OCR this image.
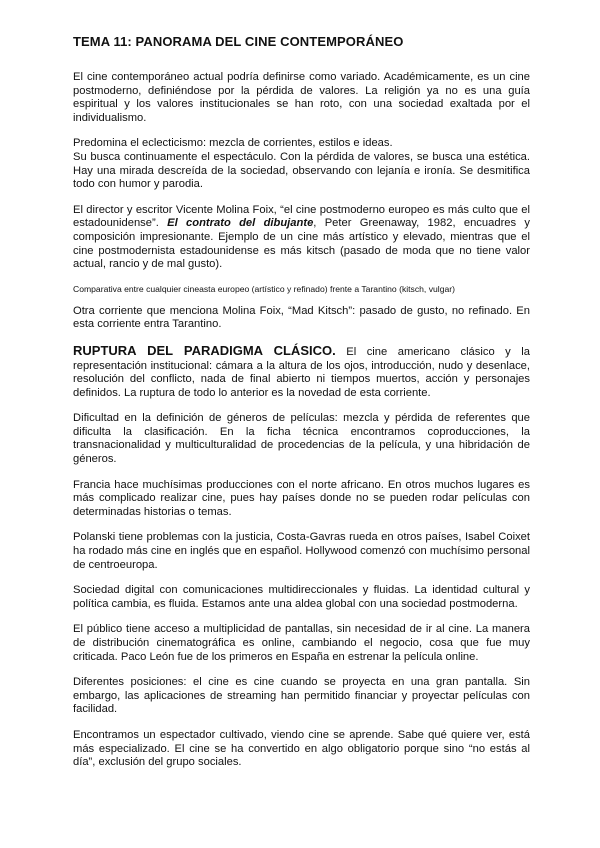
TEMA 11: PANORAMA DEL CINE CONTEMPORÁNEO

El cine contemporáneo actual podría definirse como variado. Académicamente, es un cine postmoderno, definiéndose por la pérdida de valores. La religión ya no es una guía espiritual y los valores institucionales se han roto, con una sociedad exaltada por el individualismo.

Predomina el eclecticismo: mezcla de corrientes, estilos e ideas.

Su busca continuamente el espectáculo. Con la pérdida de valores, se busca una estética. Hay una mirada descreída de la sociedad, observando con lejanía e ironía. Se desmitifica todo con humor y parodia.

El director y escritor Vicente Molina Foix, “el cine postmoderno europeo es más culto que el estadounidense”. El contrato del dibujante, Peter Greenaway, 1982, encuadres y composición impresionante. Ejemplo de un cine más artístico y elevado, mientras que el cine postmodernista estadounidense es más kitsch (pasado de moda que no tiene valor actual, rancio y de mal gusto).

Comparativa entre cualquier cineasta europeo (artístico y refinado) frente a Tarantino (kitsch, vulgar)

Otra corriente que menciona Molina Foix, “Mad Kitsch”: pasado de gusto, no refinado. En esta corriente entra Tarantino.

RUPTURA DEL PARADIGMA CLÁSICO. El cine americano clásico y la representación institucional: cámara a la altura de los ojos, introducción, nudo y desenlace, resolución del conflicto, nada de final abierto ni tiempos muertos, acción y personajes definidos. La ruptura de todo lo anterior es la novedad de esta corriente.

Dificultad en la definición de géneros de películas: mezcla y pérdida de referentes que dificulta la clasificación. En la ficha técnica encontramos coproducciones, la transnacionalidad y multiculturalidad de procedencias de la película, y una hibridación de géneros.

Francia hace muchísimas producciones con el norte africano. En otros muchos lugares es más complicado realizar cine, pues hay países donde no se pueden rodar películas con determinadas historias o temas.

Polanski tiene problemas con la justicia, Costa-Gavras rueda en otros países, Isabel Coixet ha rodado más cine en inglés que en español. Hollywood comenzó con muchísimo personal de centroeuropa.

Sociedad digital con comunicaciones multidireccionales y fluidas. La identidad cultural y política cambia, es fluida. Estamos ante una aldea global con una sociedad postmoderna.

El público tiene acceso a multiplicidad de pantallas, sin necesidad de ir al cine. La manera de distribución cinematográfica es online, cambiando el negocio, cosa que fue muy criticada. Paco León fue de los primeros en España en estrenar la película online.

Diferentes posiciones: el cine es cine cuando se proyecta en una gran pantalla. Sin embargo, las aplicaciones de streaming han permitido financiar y proyectar películas con facilidad.

Encontramos un espectador cultivado, viendo cine se aprende. Sabe qué quiere ver, está más especializado. El cine se ha convertido en algo obligatorio porque sino “no estás al día”, exclusión del grupo sociales.
